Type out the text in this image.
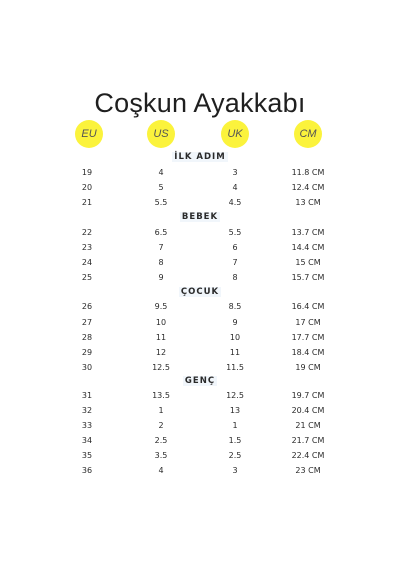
Coşkun Ayakkabı
EU	US	UK	CM
İLK ADIM
19	4	3	11.8 CM
20	5	4	12.4 CM
21	5.5	4.5	13 CM
BEBEK
22	6.5	5.5	13.7 CM
23	7	6	14.4 CM
24	8	7	15 CM
25	9	8	15.7 CM
ÇOCUK
26	9.5	8.5	16.4 CM
27	10	9	17 CM
28	11	10	17.7 CM
29	12	11	18.4 CM
30	12.5	11.5	19 CM
GENÇ
31	13.5	12.5	19.7 CM
32	1	13	20.4 CM
33	2	1	21 CM
34	2.5	1.5	21.7 CM
35	3.5	2.5	22.4 CM
36	4	3	23 CM
